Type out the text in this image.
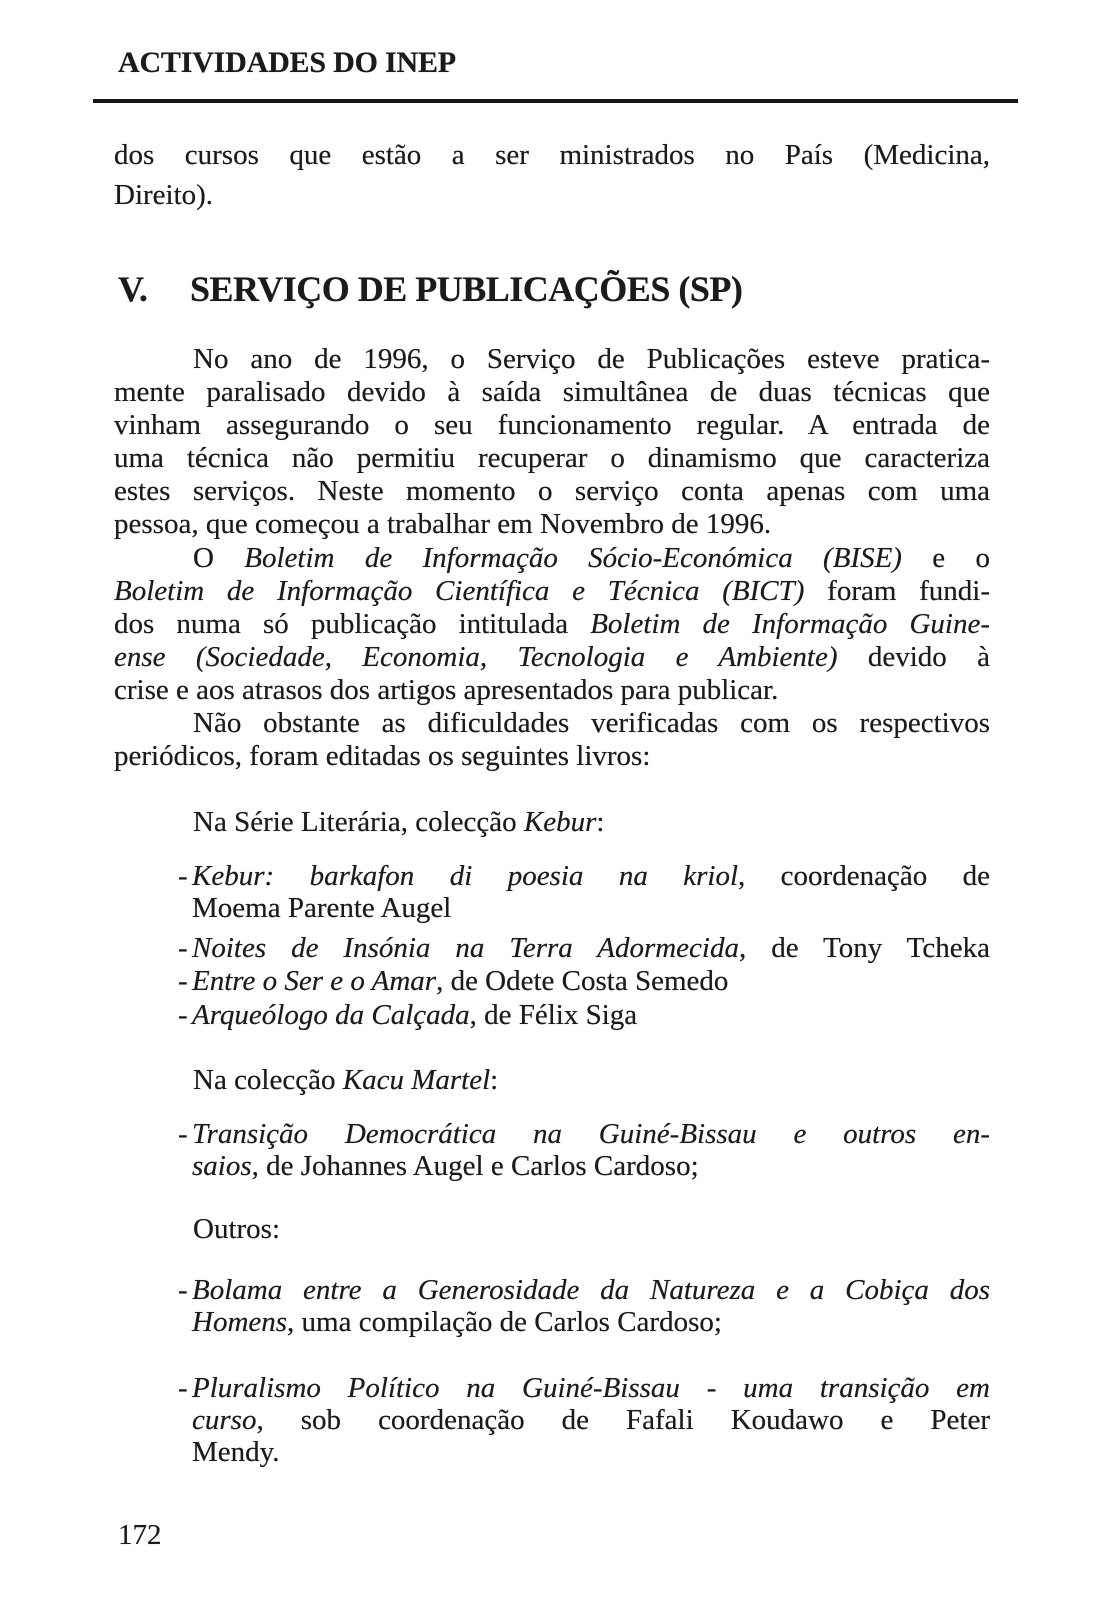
ACTIVIDADES DO INEP
dos cursos que estão a ser ministrados no País (Medicina,
Direito).
V. SERVIÇO DE PUBLICAÇÕES (SP)
No ano de 1996, o Serviço de Publicações esteve pratica-
mente paralisado devido à saída simultânea de duas técnicas que
vinham assegurando o seu funcionamento regular. A entrada de
uma técnica não permitiu recuperar o dinamismo que caracteriza
estes serviços. Neste momento o serviço conta apenas com uma
pessoa, que começou a trabalhar em Novembro de 1996.
O Boletim de Informação Sócio-Económica (BISE) e o
Boletim de Informação Científica e Técnica (BICT) foram fundi-
dos numa só publicação intitulada Boletim de Informação Guine-
ense (Sociedade, Economia, Tecnologia e Ambiente) devido à
crise e aos atrasos dos artigos apresentados para publicar.
Não obstante as dificuldades verificadas com os respectivos
periódicos, foram editadas os seguintes livros:
Na Série Literária, colecção Kebur:
- Kebur: barkafon di poesia na kriol, coordenação de
Moema Parente Augel
- Noites de Insónia na Terra Adormecida, de Tony Tcheka
- Entre o Ser e o Amar, de Odete Costa Semedo
- Arqueólogo da Calçada, de Félix Siga
Na colecção Kacu Martel:
- Transição Democrática na Guiné-Bissau e outros en-
saios, de Johannes Augel e Carlos Cardoso;
Outros:
- Bolama entre a Generosidade da Natureza e a Cobiça dos
Homens, uma compilação de Carlos Cardoso;
- Pluralismo Político na Guiné-Bissau - uma transição em
curso, sob coordenação de Fafali Koudawo e Peter
Mendy.
172
